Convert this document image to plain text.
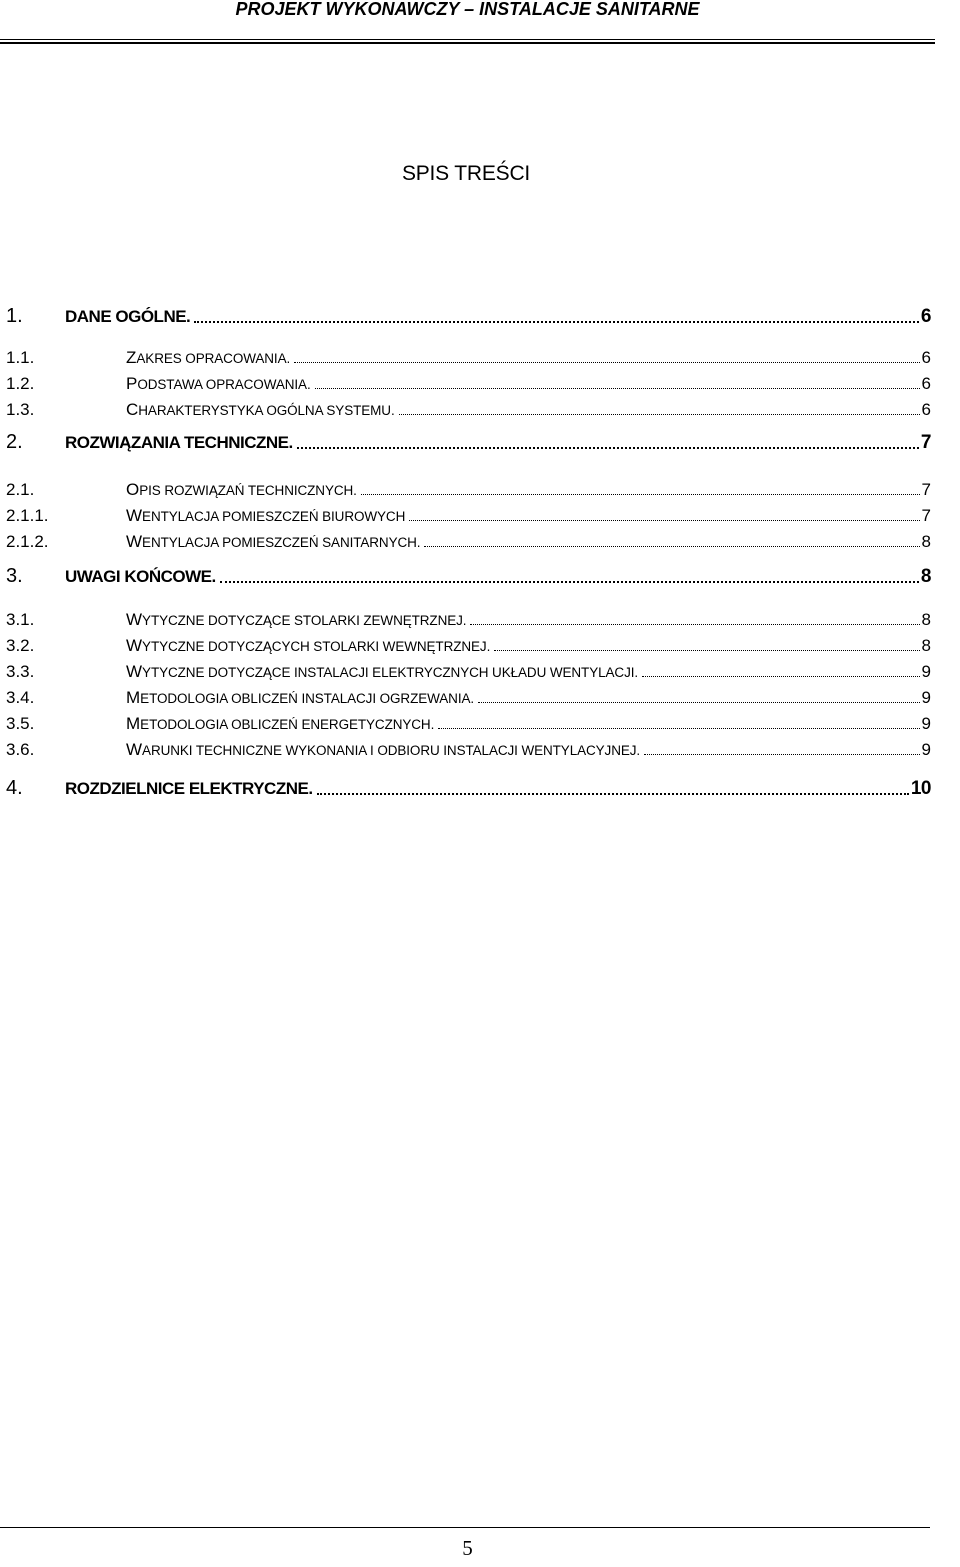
PROJEKT WYKONAWCZY – INSTALACJE SANITARNE
SPIS TREŚCI
1.	DANE OGÓLNE.	6
1.1.	ZAKRES OPRACOWANIA.	6
1.2.	PODSTAWA OPRACOWANIA.	6
1.3.	CHARAKTERYSTYKA OGÓLNA SYSTEMU.	6
2.	ROZWIĄZANIA TECHNICZNE.	7
2.1.	OPIS ROZWIĄZAŃ TECHNICZNYCH.	7
2.1.1.	WENTYLACJA POMIESZCZEŃ BIUROWYCH	7
2.1.2.	WENTYLACJA POMIESZCZEŃ SANITARNYCH.	8
3.	UWAGI KOŃCOWE.	8
3.1.	WYTYCZNE DOTYCZĄCE STOLARKI ZEWNĘTRZNEJ.	8
3.2.	WYTYCZNE DOTYCZĄCYCH STOLARKI WEWNĘTRZNEJ.	8
3.3.	WYTYCZNE DOTYCZĄCE INSTALACJI ELEKTRYCZNYCH UKŁADU WENTYLACJI.	9
3.4.	METODOLOGIA OBLICZEŃ INSTALACJI OGRZEWANIA.	9
3.5.	METODOLOGIA OBLICZEŃ ENERGETYCZNYCH.	9
3.6.	WARUNKI TECHNICZNE WYKONANIA I ODBIORU INSTALACJI WENTYLACYJNEJ.	9
4.	ROZDZIELNICE ELEKTRYCZNE.	10
5
